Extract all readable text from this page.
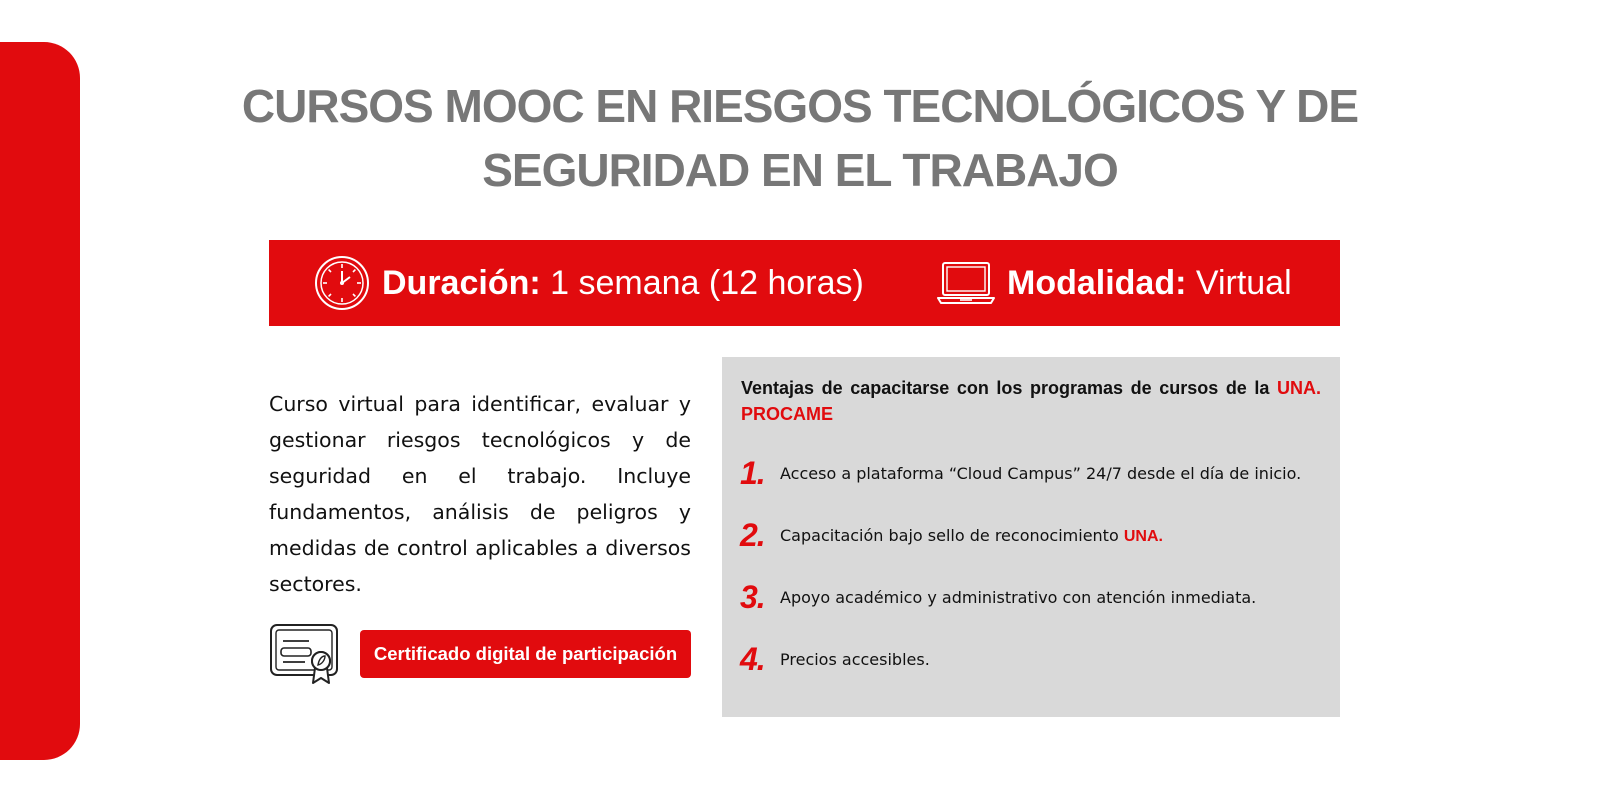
CURSOS MOOC EN RIESGOS TECNOLÓGICOS Y DE
SEGURIDAD EN EL TRABAJO
Duración: 1 semana (12 horas)	Modalidad: Virtual

Curso virtual para identificar, evaluar y gestionar riesgos tecnológicos y de seguridad en el trabajo. Incluye fundamentos, análisis de peligros y medidas de control aplicables a diversos sectores.

Certificado digital de participación
Ventajas de capacitarse con los programas de cursos de la UNA. PROCAME
1. Acceso a plataforma “Cloud Campus” 24/7 desde el día de inicio.
2. Capacitación bajo sello de reconocimiento UNA.
3. Apoyo académico y administrativo con atención inmediata.
4. Precios accesibles.
